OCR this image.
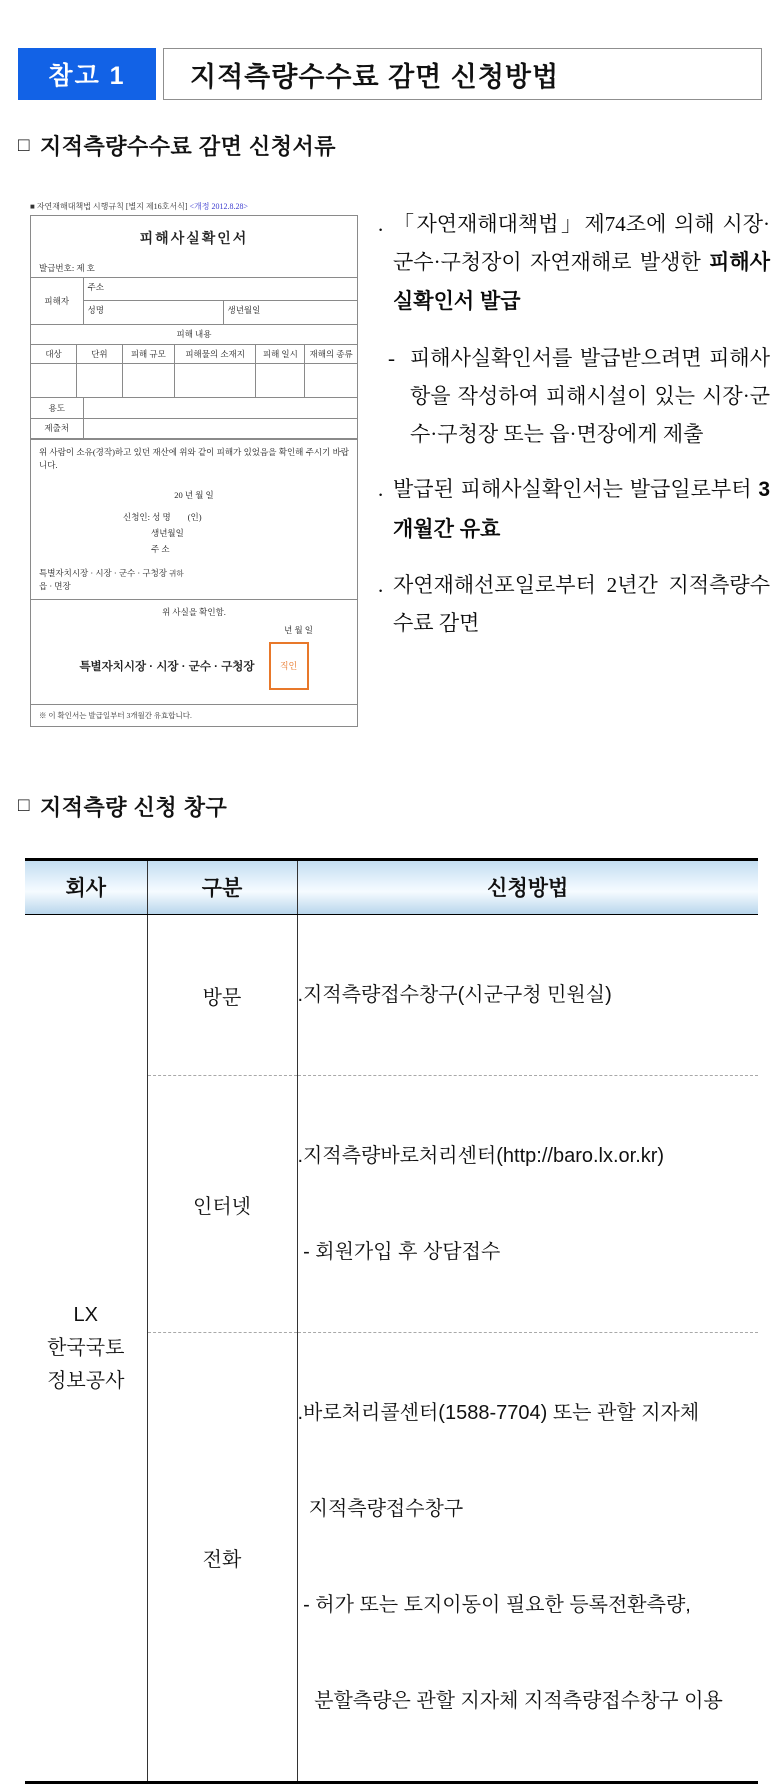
참고 1	지적측량수수료 감면 신청방법
□ 지적측량수수료 감면 신청서류
■ 자연재해대책법 시행규칙 [별지 제16호서식] <개정 2012.8.28>
피해사실확인서
발급번호: 제 호
피해자	주소	
	성명	생년월일
피해 내용					
대상	단위	피해 규모	피해물의 소재지	피해 일시	재해의 종류

용도	
제출처	
위 사람이 소유(경작)하고 있던 재산에 위와 같이 피해가 있었음을 확인해 주시기 바랍니다.
20 년 월 일
신청인: 성 명 (인)
생년월일
주 소
특별자치시장 · 시장 · 군수 · 구청장 귀하
읍 · 면장
위 사실을 확인함.
년 월 일
특별자치시장 · 시장 · 군수 · 구청장	직인
※ 이 확인서는 발급일부터 3개월간 유효합니다.
. 「자연재해대책법」제74조에 의해 시장·군수·구청장이 자연재해로 발생한 피해사실확인서 발급
- 피해사실확인서를 발급받으려면 피해사항을 작성하여 피해시설이 있는 시장·군수·구청장 또는 읍·면장에게 제출
. 발급된 피해사실확인서는 발급일로부터 3개월간 유효
. 자연재해선포일로부터 2년간 지적측량수수료 감면
□ 지적측량 신청 창구
회사	구분	신청방법

LX
한국국토
정보공사	방문	.지적측량접수창구(시군구청 민원실)

	인터넷	.지적측량바로처리센터(http://baro.lx.or.kr)

- 회원가입 후 상담접수

	전화	.바로처리콜센터(1588-7704) 또는 관할 지자체

지적측량접수창구

- 허가 또는 토지이동이 필요한 등록전환측량,

분할측량은 관할 지자체 지적측량접수창구 이용
